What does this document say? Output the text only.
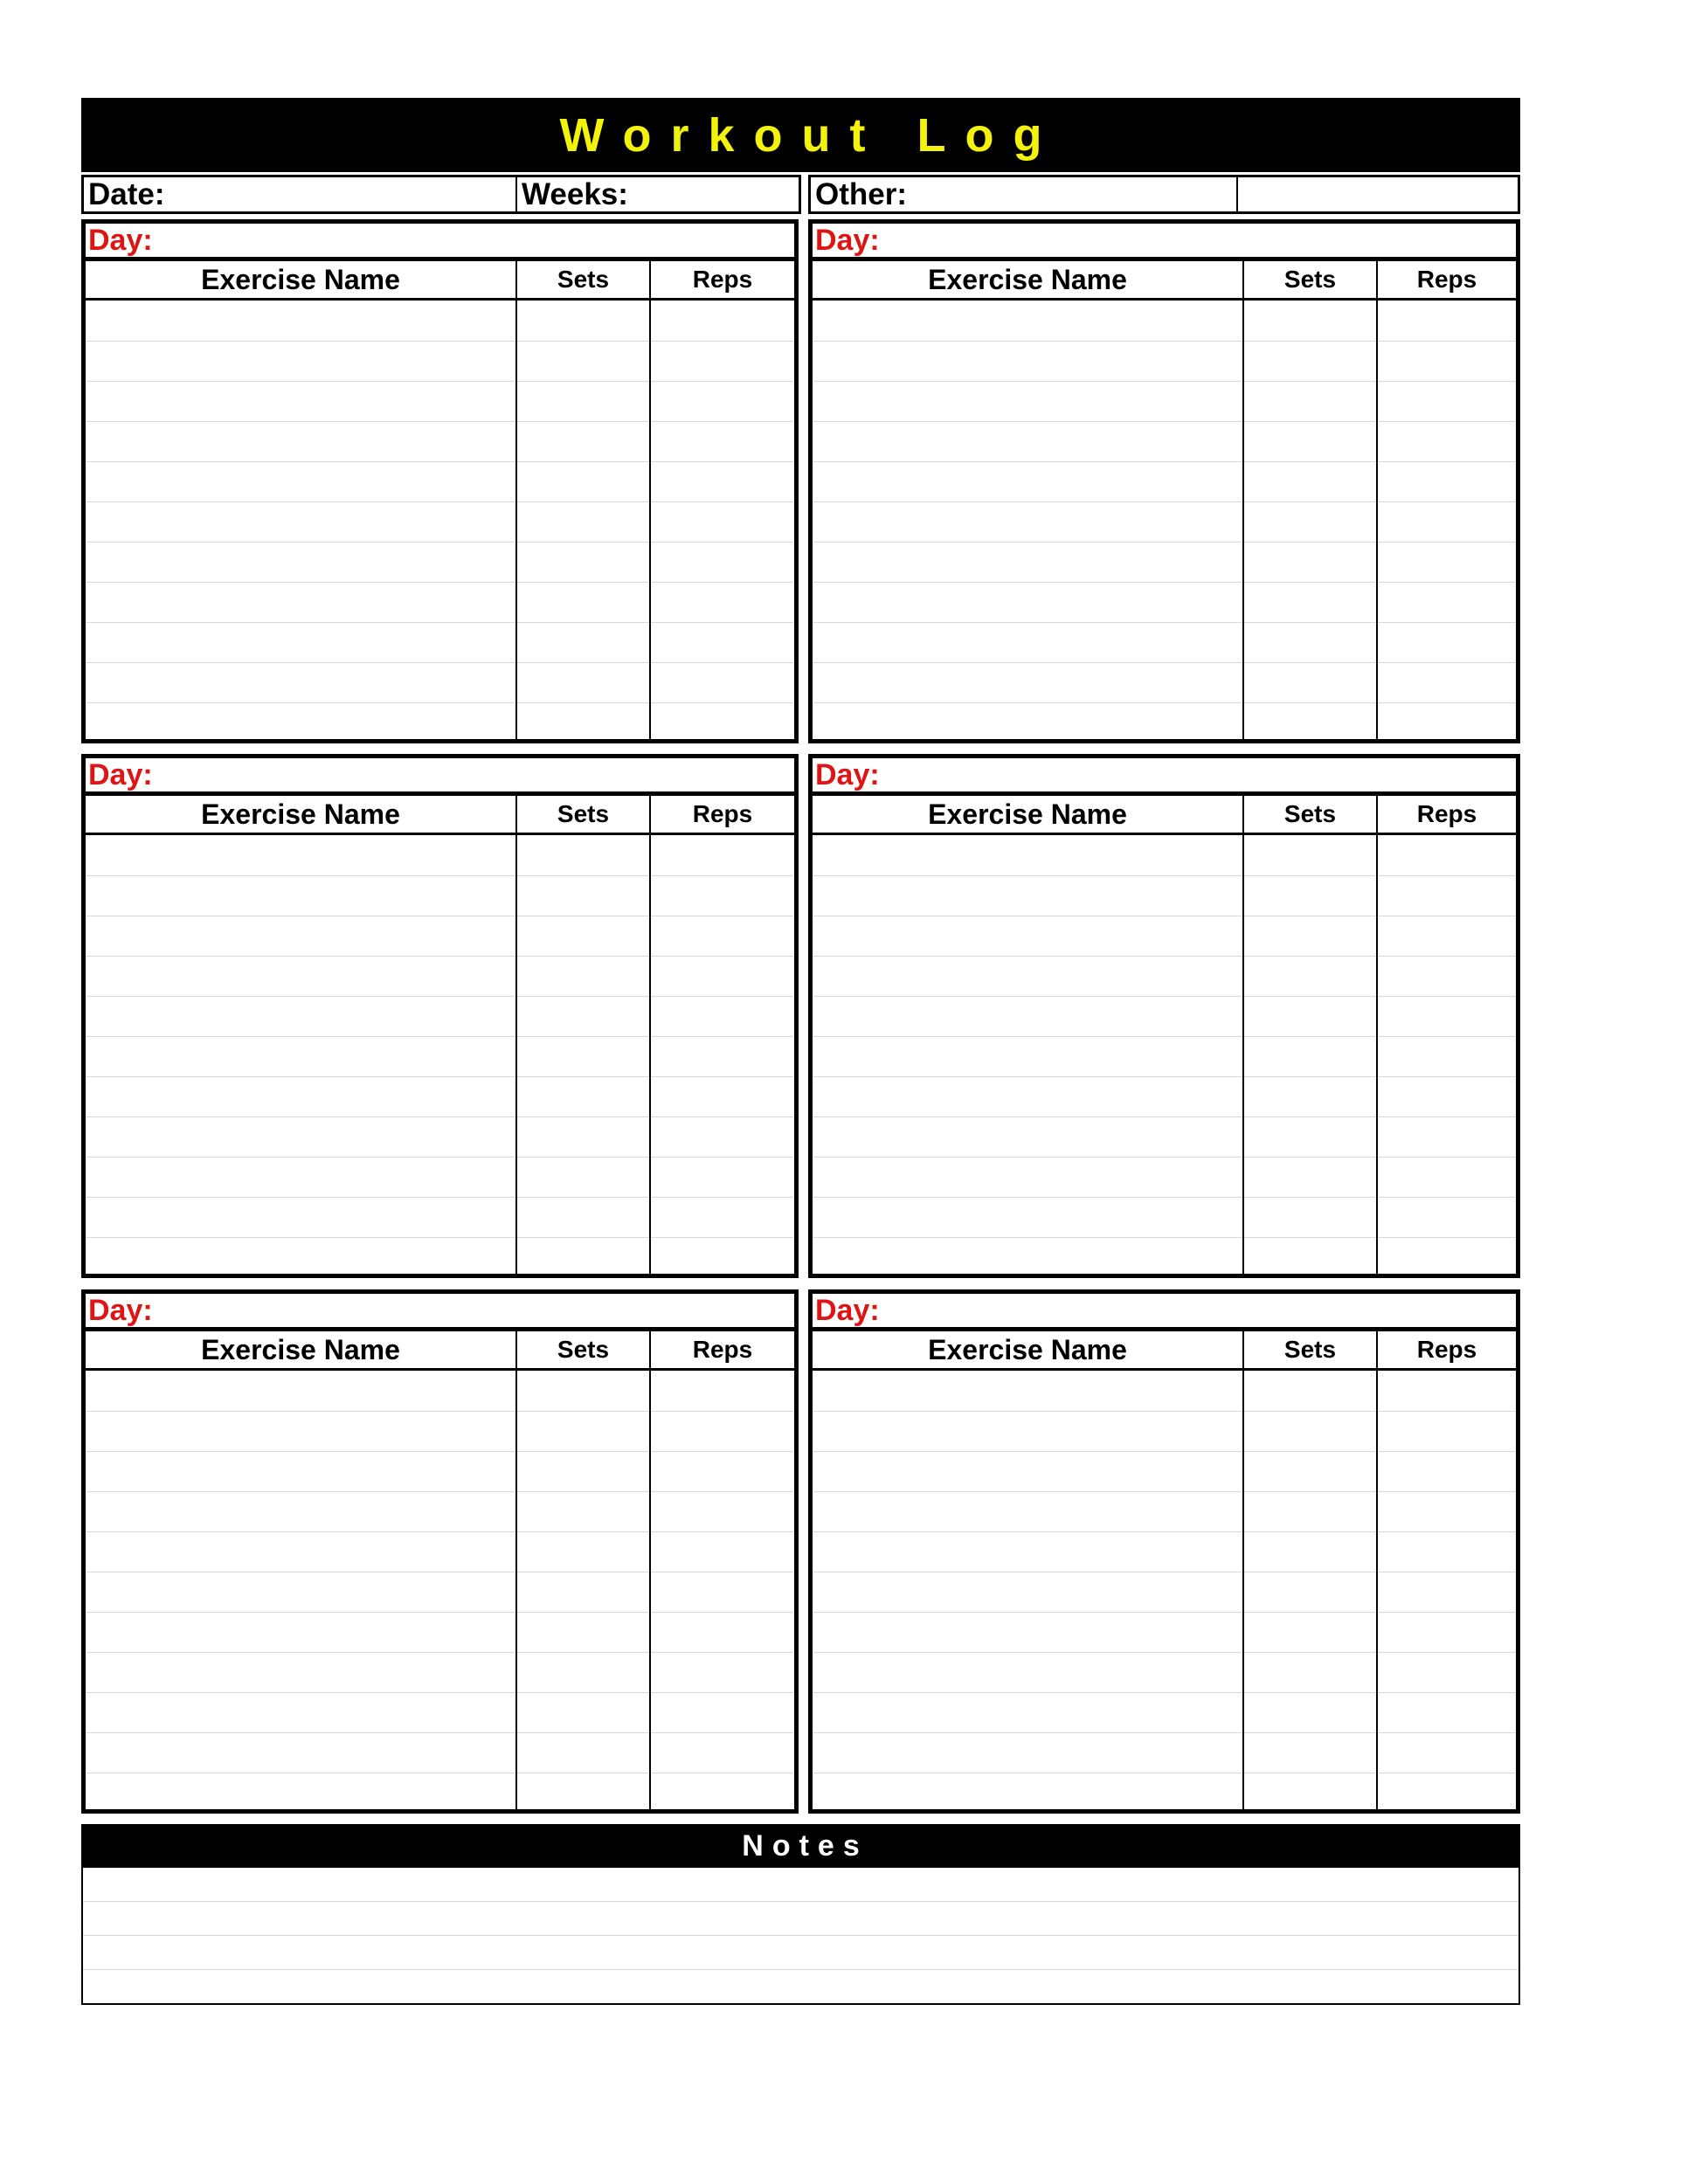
Workout Log
Date:	Weeks:	Other:
Day:
Exercise Name	Sets	Reps
Day:
Exercise Name	Sets	Reps
Day:
Exercise Name	Sets	Reps
Day:
Exercise Name	Sets	Reps
Day:
Exercise Name	Sets	Reps
Day:
Exercise Name	Sets	Reps
Notes
